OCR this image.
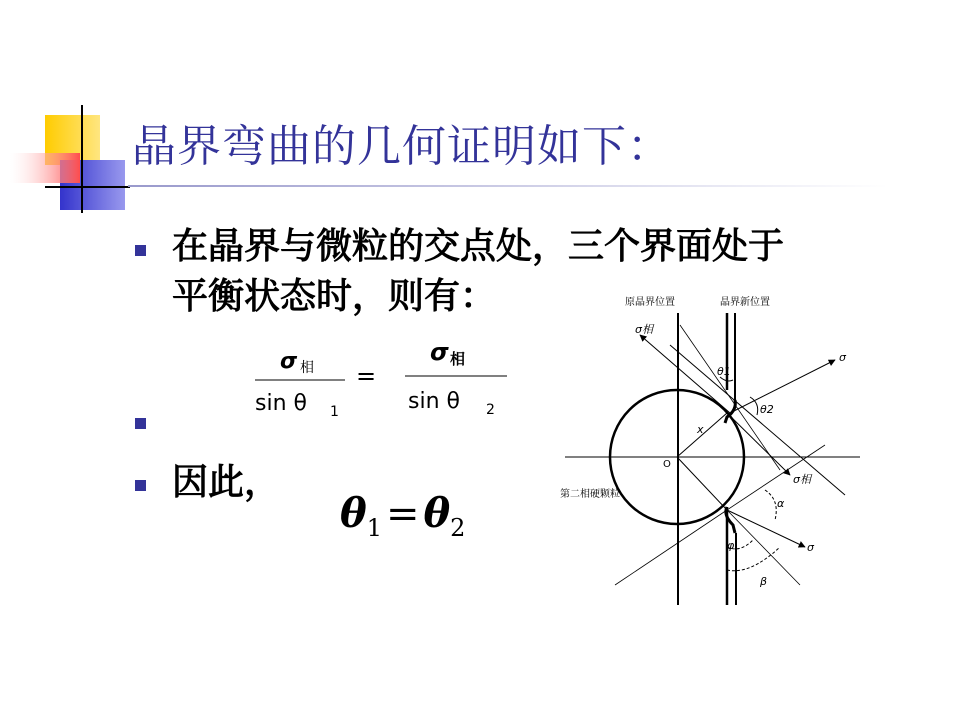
晶界弯曲的几何证明如下：
在晶界与微粒的交点处，三个界面处于
平衡状态时，则有：
σ 相
sin θ 1
=
σ 相
sin θ 2
因此，
$\theta_1 = \theta_2$
原晶界位置	晶界新位置
O
x
σ相
σ
θ1
θ2
σ相
第二相硬颗粒
α
σ
φ
β
